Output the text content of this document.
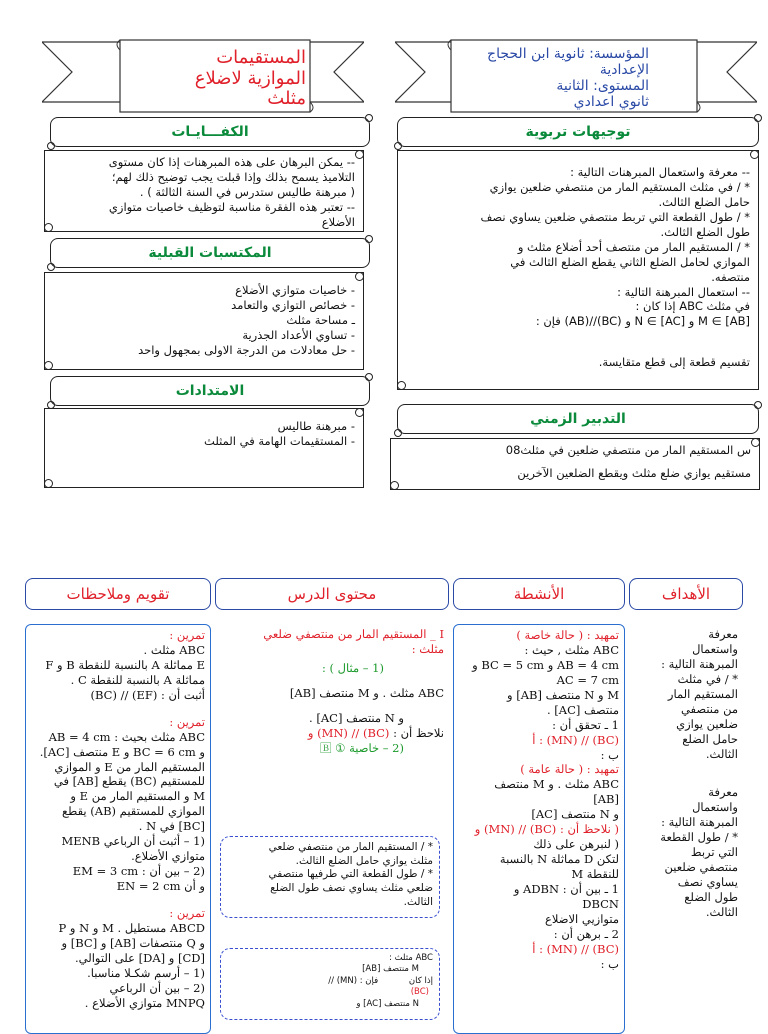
المستقيمات
الموازية لاضلاع
مثلث
المؤسسة: ثانوية ابن الحجاج
الإعدادية
المستوى: الثانية
ثانوي اعدادي
الكفـــايـات
-- يمكن البرهان على هذه المبرهنات إذا كان مستوى
التلاميذ يسمح بذلك وإذا قبلت يجب توضيح ذلك لهم؛
( مبرهنة طاليس ستدرس في السنة الثالثة ) .
-- تعتبر هذه الفقرة مناسبة لتوظيف خاصيات متوازي
الأضلاع
المكتسبات القبلية
- خاصيات متوازي الأضلاع
- خصائص التوازي والتعامد
ـ مساحة مثلث
- تساوي الأعداد الجذرية
- حل معادلات من الدرجة الاولى بمجهول واحد
الامتدادات
- مبرهنة طاليس
- المستقيمات الهامة في المثلث
توجيهات تربوية
-- معرفة واستعمال المبرهنات التالية :
* / في مثلث المستقيم المار من منتصفي ضلعين يوازي
حامل الضلع الثالث.
* / طول القطعة التي تربط منتصفي ضلعين يساوي نصف
طول الضلع الثالث.
* / المستقيم المار من منتصف أحد أضلاع مثلث و
الموازي لحامل الضلع الثاني يقطع الضلع الثالث في
منتصفه.
-- استعمال المبرهنة التالية :
في مثلث ABC إذا كان :
M ∈ [AB] و N ∈ [AC] و (BC)//(AB) فإن :
تقسيم قطعة إلى قطع متقايسة.
التدبير الزمني
س المستقيم المار من منتصفي ضلعين في مثلث08
مستقيم يوازي ضلع مثلث ويقطع الضلعين الآخرين
الأهداف
الأنشطة
محتوى الدرس
تقويم وملاحظات
معرفة
واستعمال
المبرهنة التالية :
* / في مثلث
المستقيم المار
من منتصفي
ضلعين يوازي
حامل الضلع
الثالث.
معرفة
واستعمال
المبرهنة التالية :
* / طول القطعة
التي تربط
منتصفي ضلعين
يساوي نصف
طول الضلع
الثالث.
تمهيد : ( حالة خاصة )
ABC مثلث , حيث :
AB = 4 cm و BC = 5 cm و
AC = 7 cm
M و N منتصف [AB] و
منتصف [AC] .
1 ـ تحقق أن :
(BC) // (MN) : أ
ب :
تمهيد : ( حالة عامة )
ABC مثلث . و M منتصف
[AB]
و N منتصف [AC]
( نلاحظ أن : (BC) // (MN) و
( لنبرهن على ذلك
لتكن D مماثلة N بالنسبة
للنقطة M
1 ـ بين أن : ADBN و
DBCN
متوازيي الاضلاع
2 ـ برهن أن :
(BC) // (MN) : أ
ب :
I _ المستقيم المار من منتصفي ضلعي
مثلث :
(1 – مثال ) :
ABC مثلث . و M منتصف [AB]
و N منتصف [AC] .
نلاحظ أن : (BC) // (MN) و
(2 – خاصية ① 🄱
* / المستقيم المار من منتصفي ضلعي
مثلث يوازي حامل الضلع الثالث.
* / طول القطعة التي طرفيها منتصفي
ضلعي مثلث يساوي نصف طول الضلع
الثالث.
ABC مثلث :
M منتصف [AB]
إذا كان فإن : (MN) //
(BC)
N منتصف [AC] و
تمرين :
ABC مثلث .
E مماثلة A بالنسبة للنقطة B و F
مماثلة A بالنسبة للنقطة C .
أثبت أن : (EF) // (BC)
تمرين :
ABC مثلث بحيث : AB = 4 cm
و BC = 6 cm و E منتصف [AC].
المستقيم المار من E و الموازي
للمستقيم (BC) يقطع [AB] في
M و المستقيم المار من E و
الموازي للمستقيم (AB) يقطع
[BC] في N .
(1 – أثبت أن الرباعي MENB
متوازي الأضلاع.
(2 – بين أن : EM = 3 cm
و أن EN = 2 cm
تمرين :
ABCD مستطيل . M و N و P
و Q منتصفات [AB] و [BC] و
[CD] و [DA] على التوالي.
(1 – أرسم شكـلا مناسبا.
(2 – بين أن الرباعي
MNPQ متوازي الأضلاع .
